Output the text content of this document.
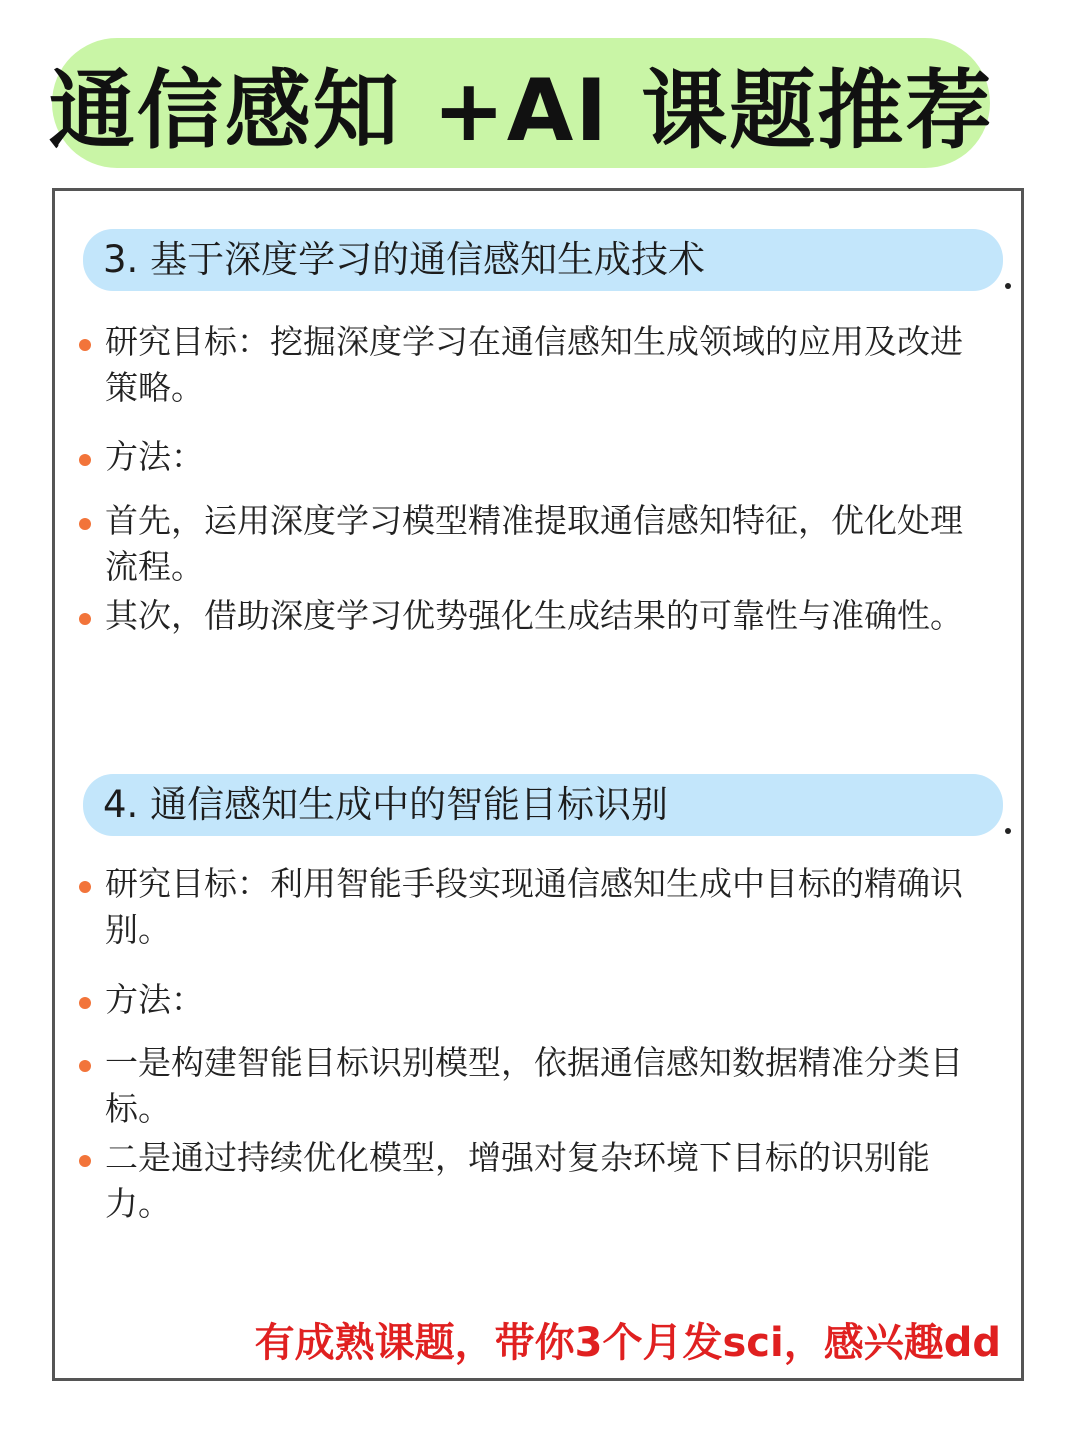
通信感知 +AI 课题推荐
3. 基于深度学习的通信感知生成技术
研究目标：挖掘深度学习在通信感知生成领域的应用及改进策略。
方法：
首先，运用深度学习模型精准提取通信感知特征，优化处理流程。
其次，借助深度学习优势强化生成结果的可靠性与准确性。
4. 通信感知生成中的智能目标识别
研究目标：利用智能手段实现通信感知生成中目标的精确识别。
方法：
一是构建智能目标识别模型，依据通信感知数据精准分类目标。
二是通过持续优化模型，增强对复杂环境下目标的识别能力。
有成熟课题，带你3个月发sci，感兴趣dd
